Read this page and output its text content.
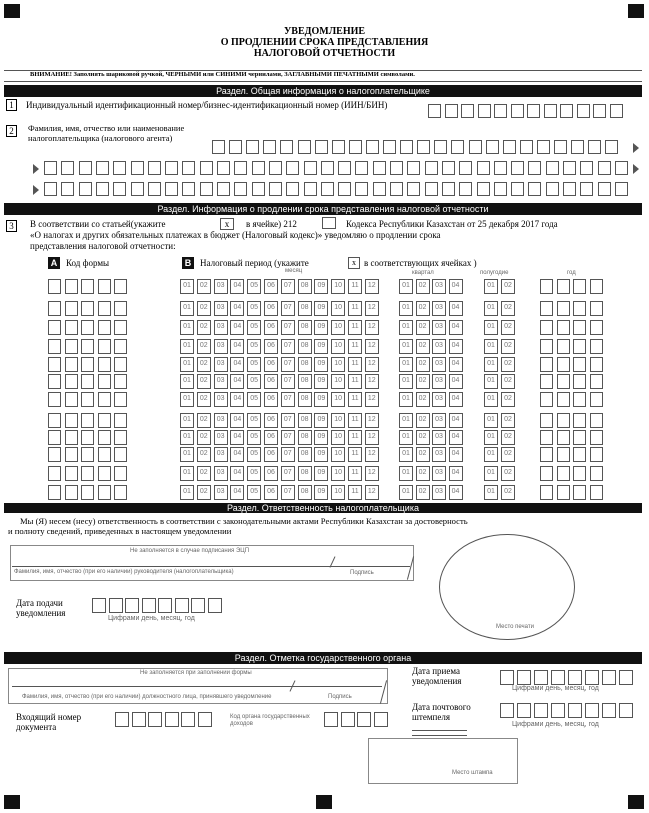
УВЕДОМЛЕНИЕ
О ПРОДЛЕНИИ СРОКА ПРЕДСТАВЛЕНИЯ
НАЛОГОВОЙ ОТЧЕТНОСТИ
ВНИМАНИЕ! Заполнять шариковой ручкой, ЧЕРНЫМИ или СИНИМИ чернилами, ЗАГЛАВНЫМИ ПЕЧАТНЫМИ символами.
Раздел. Общая информация о налогоплательщике
1	Индивидуальный идентификационный номер/бизнес-идентификационный номер (ИИН/БИН)
2	Фамилия, имя, отчество или наименование налогоплательщика (налогового агента)
Раздел. Информация о продлении срока представления налоговой отчетности
3	В соответствии со статьей(укажите	x	в ячейке) 212	Кодекса Республики Казахстан от 25 декабря 2017 года
«О налогах и других обязательных платежах в бюджет (Налоговый кодекс)» уведомляю о продлении срока
представления налоговой отчетности:
A Код формы	B Налоговый период (укажите	x в соответствующих ячейках )
месяц	квартал	полугодие	год
01	02	03	04	05	06	07	08	09	10	11	12	01	02	03	04	01	02
01	02	03	04	05	06	07	08	09	10	11	12	01	02	03	04	01	02
01	02	03	04	05	06	07	08	09	10	11	12	01	02	03	04	01	02
01	02	03	04	05	06	07	08	09	10	11	12	01	02	03	04	01	02
01	02	03	04	05	06	07	08	09	10	11	12	01	02	03	04	01	02
01	02	03	04	05	06	07	08	09	10	11	12	01	02	03	04	01	02
01	02	03	04	05	06	07	08	09	10	11	12	01	02	03	04	01	02
01	02	03	04	05	06	07	08	09	10	11	12	01	02	03	04	01	02
01	02	03	04	05	06	07	08	09	10	11	12	01	02	03	04	01	02
01	02	03	04	05	06	07	08	09	10	11	12	01	02	03	04	01	02
01	02	03	04	05	06	07	08	09	10	11	12	01	02	03	04	01	02
01	02	03	04	05	06	07	08	09	10	11	12	01	02	03	04	01	02
Раздел. Ответственность налогоплательщика
Мы (Я) несем (несу) ответственность в соответствии с законодательными актами Республики Казахстан за достоверность
и полноту сведений, приведенных в настоящем уведомлении
Не заполняется в случае подписания ЭЦП
Фамилия, имя, отчество (при его наличии) руководителя (налогоплательщика)	Подпись
Место печати
Дата подачи уведомления
Цифрами день, месяц, год
Раздел. Отметка государственного органа
Не заполняется при заполнении формы
Фамилия, имя, отчество (при его наличии) должностного лица, принявшего уведомление	Подпись
Дата приема уведомления
Цифрами день, месяц, год
Дата почтового штемпеля
Цифрами день, месяц, год
Входящий номер документа
Код органа государственных доходов
Место штампа
